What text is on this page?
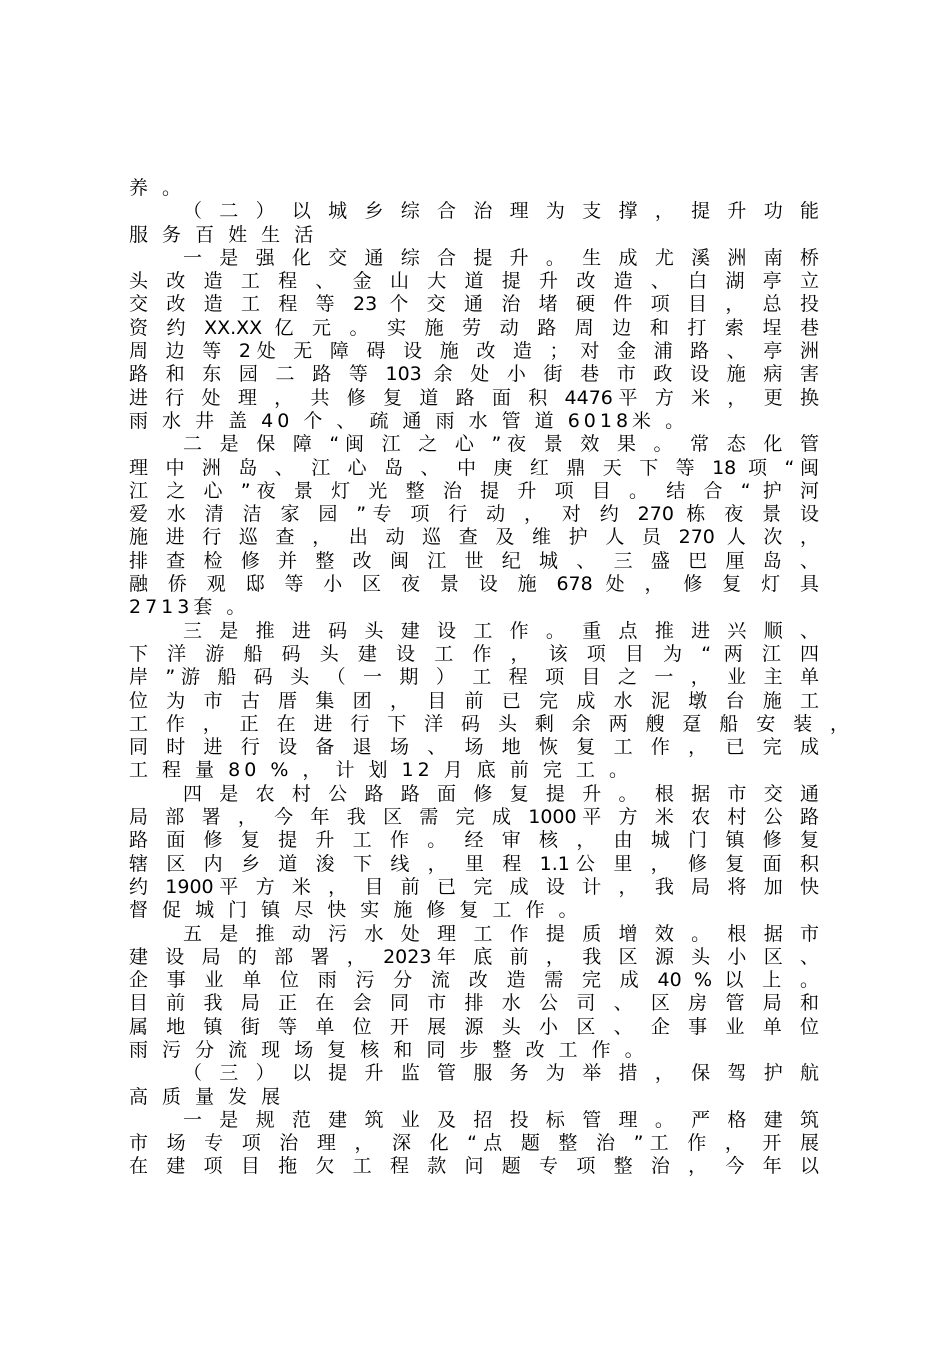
养 。
（ 二 ） 以 城 乡 综 合 治 理 为 支 撑 ， 提 升 功 能
服 务 百 姓 生 活
一 是 强 化 交 通 综 合 提 升 。 生 成 尤 溪 洲 南 桥
头 改 造 工 程 、 金 山 大 道 提 升 改 造 、 白 湖 亭 立
交 改 造 工 程 等 23 个 交 通 治 堵 硬 件 项 目 ， 总 投
资 约 XX.XX 亿 元 。 实 施 劳 动 路 周 边 和 打 索 埕 巷
周 边 等 2处 无 障 碍 设 施 改 造 ； 对 金 浦 路 、 亭 洲
路 和 东 园 二 路 等 103 余 处 小 街 巷 市 政 设 施 病 害
进 行 处 理 ， 共 修 复 道 路 面 积 4476平 方 米 ， 更 换
雨 水 井 盖 40 个 、 疏 通 雨 水 管 道 6018米 。
二 是 保 障 “闽 江 之 心 ”夜 景 效 果 。 常 态 化 管
理 中 洲 岛 、 江 心 岛 、 中 庚 红 鼎 天 下 等 18 项 “闽
江 之 心 ”夜 景 灯 光 整 治 提 升 项 目 。 结 合 “ 护 河
爱 水 清 洁 家 园 ”专 项 行 动 ， 对 约 270 栋 夜 景 设
施 进 行 巡 查 ， 出 动 巡 查 及 维 护 人 员 270 人 次 ，
排 查 检 修 并 整 改 闽 江 世 纪 城 、 三 盛 巴 厘 岛 、
融 侨 观 邸 等 小 区 夜 景 设 施 678 处 ， 修 复 灯 具
2713套 。
三 是 推 进 码 头 建 设 工 作 。 重 点 推 进 兴 顺 、
下 洋 游 船 码 头 建 设 工 作 ， 该 项 目 为 “ 两 江 四
岸 ”游 船 码 头 （ 一 期 ） 工 程 项 目 之 一 ， 业 主 单
位 为 市 古 厝 集 团 ， 目 前 已 完 成 水 泥 墩 台 施 工
工 作 ， 正 在 进 行 下 洋 码 头 剩 余 两 艘 趸 船 安 装 ，
同 时 进 行 设 备 退 场 、 场 地 恢 复 工 作 ， 已 完 成
工 程 量 80 % ， 计 划 12 月 底 前 完 工 。
四 是 农 村 公 路 路 面 修 复 提 升 。 根 据 市 交 通
局 部 署 ， 今 年 我 区 需 完 成 1000平 方 米 农 村 公 路
路 面 修 复 提 升 工 作 。 经 审 核 ， 由 城 门 镇 修 复
辖 区 内 乡 道 浚 下 线 ， 里 程 1.1公 里 ， 修 复 面 积
约 1900平 方 米 ， 目 前 已 完 成 设 计 ， 我 局 将 加 快
督 促 城 门 镇 尽 快 实 施 修 复 工 作 。
五 是 推 动 污 水 处 理 工 作 提 质 增 效 。 根 据 市
建 设 局 的 部 署 ， 2023年 底 前 ， 我 区 源 头 小 区 、
企 事 业 单 位 雨 污 分 流 改 造 需 完 成 40 % 以 上 。
目 前 我 局 正 在 会 同 市 排 水 公 司 、 区 房 管 局 和
属 地 镇 街 等 单 位 开 展 源 头 小 区 、 企 事 业 单 位
雨 污 分 流 现 场 复 核 和 同 步 整 改 工 作 。
（ 三 ） 以 提 升 监 管 服 务 为 举 措 ， 保 驾 护 航
高 质 量 发 展
一 是 规 范 建 筑 业 及 招 投 标 管 理 。 严 格 建 筑
市 场 专 项 治 理 ， 深 化 “点 题 整 治 ”工 作 ， 开 展
在 建 项 目 拖 欠 工 程 款 问 题 专 项 整 治 ， 今 年 以
